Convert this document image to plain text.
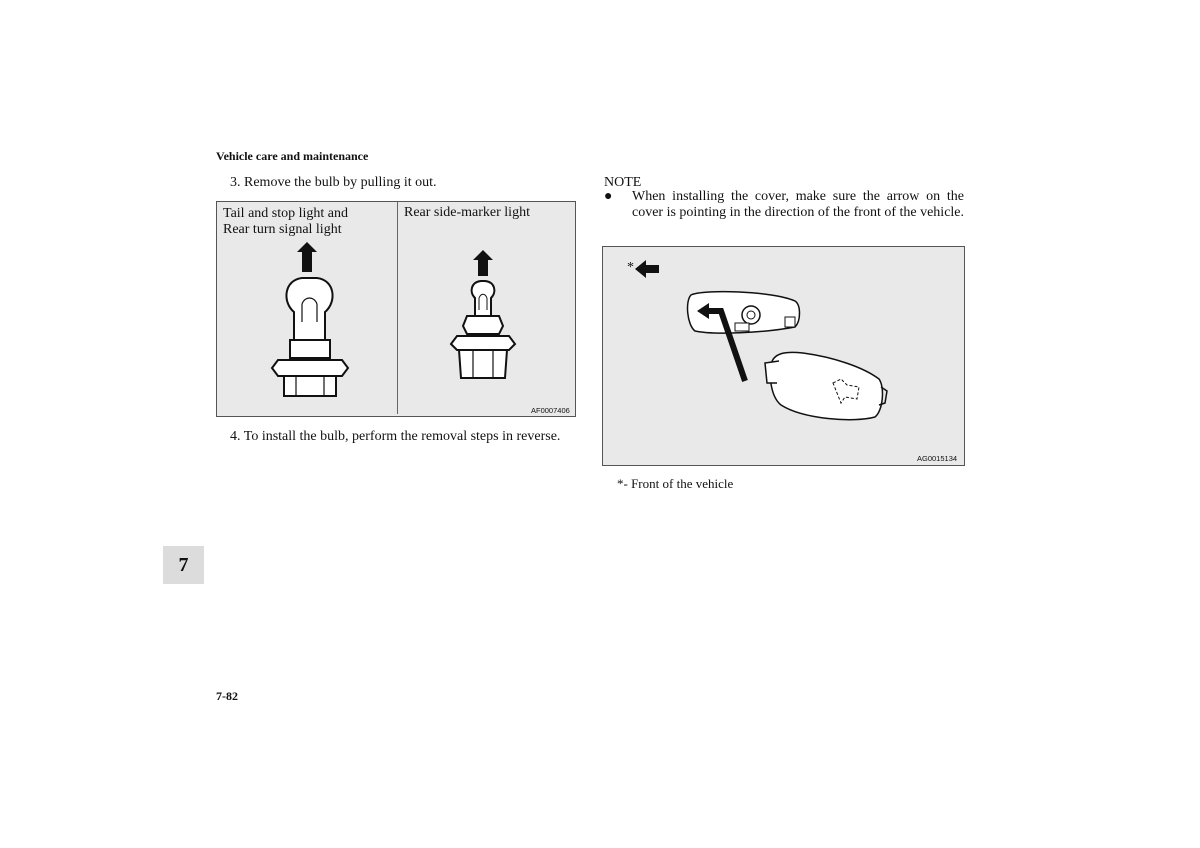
Vehicle care and maintenance
3. Remove the bulb by pulling it out.
Tail and stop light and
Rear turn signal light
Rear side-marker light
AF0007406
4. To install the bulb, perform the removal steps in reverse.
NOTE
● When installing the cover, make sure the arrow on the cover is pointing in the direction of the front of the vehicle.
*
AG0015134
*- Front of the vehicle
7
7-82
